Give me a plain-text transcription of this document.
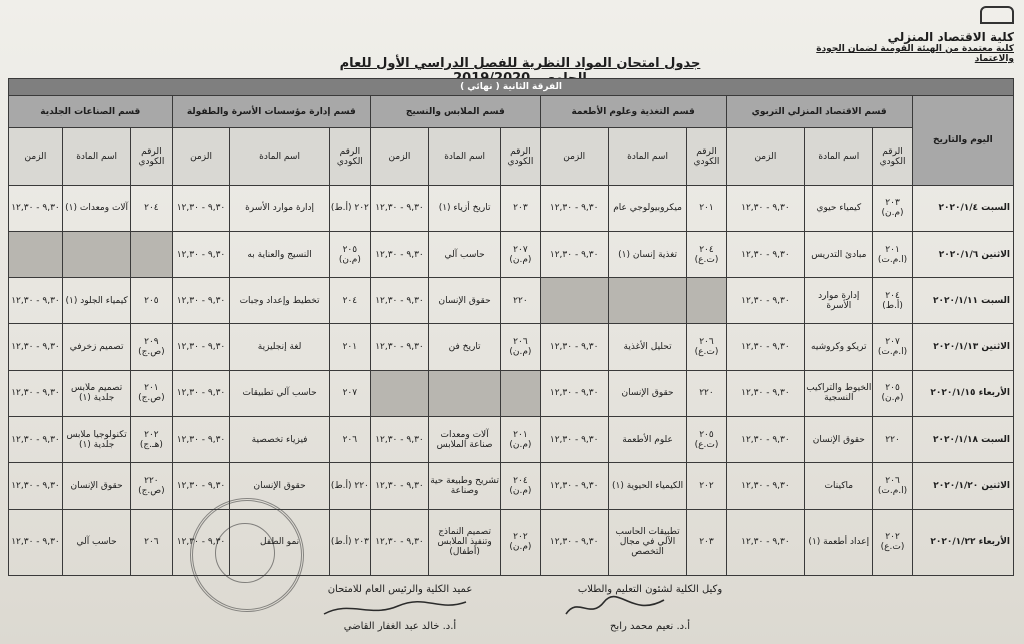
كلية الاقتصاد المنزلي
كلية معتمدة من الهيئة القومية لضمان الجودة والاعتماد
جدول امتحان المواد النظرية للفصل الدراسي الأول للعام
الفرقة الثانية ( نهائي )															
اليوم والتاريخ	قسم الاقتصاد المنزلي التربوي			قسم التغذية وعلوم الأطعمة			قسم الملابس والنسيج			قسم إدارة مؤسسات الأسرة والطفولة			قسم الصناعات الجلدية		
	الرقم الكودي	اسم المادة	الزمن	الرقم الكودي	اسم المادة	الزمن	الرقم الكودي	اسم المادة	الزمن	الرقم الكودي	اسم المادة	الزمن	الرقم الكودي	اسم المادة	الزمن
السبت ٢٠٢٠/١/٤	٢٠٣ (م.ن)	كيمياء حيوي	٩,٣٠ - ١٢,٣٠	٢٠١	ميكروبيولوجي عام	٩,٣٠ - ١٢,٣٠	٢٠٣	تاريخ أزياء (١)	٩,٣٠ - ١٢,٣٠	٢٠٢ (أ.ط)	إدارة موارد الأسرة	٩,٣٠ - ١٢,٣٠	٢٠٤	آلات ومعدات (١)	٩,٣٠ - ١٢,٣٠
الاثنين ٢٠٢٠/١/٦	٢٠١ (ا.م.ت)	مبادئ التدريس	٩,٣٠ - ١٢,٣٠	٢٠٤ (ت.ع)	تغذية إنسان (١)	٩,٣٠ - ١٢,٣٠	٢٠٧ (م.ن)	حاسب آلي	٩,٣٠ - ١٢,٣٠	٢٠٥ (م.ن)	النسيج والعناية به	٩,٣٠ - ١٢,٣٠			
السبت ٢٠٢٠/١/١١	٢٠٤ (أ.ط)	إدارة موارد الأسرة	٩,٣٠ - ١٢,٣٠				٢٢٠	حقوق الإنسان	٩,٣٠ - ١٢,٣٠	٢٠٤	تخطيط وإعداد وجبات	٩,٣٠ - ١٢,٣٠	٢٠٥	كيمياء الجلود (١)	٩,٣٠ - ١٢,٣٠
الاثنين ٢٠٢٠/١/١٣	٢٠٧ (ا.م.ت)	تريكو وكروشيه	٩,٣٠ - ١٢,٣٠	٢٠٦ (ت.ع)	تحليل الأغذية	٩,٣٠ - ١٢,٣٠	٢٠٦ (م.ن)	تاريخ فن	٩,٣٠ - ١٢,٣٠	٢٠١	لغة إنجليزية	٩,٣٠ - ١٢,٣٠	٢٠٩ (ص.ج)	تصميم زخرفي	٩,٣٠ - ١٢,٣٠
الأربعاء ٢٠٢٠/١/١٥	٢٠٥ (م.ن)	الخيوط والتراكيب النسجية	٩,٣٠ - ١٢,٣٠	٢٢٠	حقوق الإنسان	٩,٣٠ - ١٢,٣٠				٢٠٧	حاسب آلي تطبيقات	٩,٣٠ - ١٢,٣٠	٢٠١ (ص.ج)	تصميم ملابس جلدية (١)	٩,٣٠ - ١٢,٣٠
السبت ٢٠٢٠/١/١٨	٢٢٠	حقوق الإنسان	٩,٣٠ - ١٢,٣٠	٢٠٥ (ت.ع)	علوم الأطعمة	٩,٣٠ - ١٢,٣٠	٢٠١ (م.ن)	آلات ومعدات صناعة الملابس	٩,٣٠ - ١٢,٣٠	٢٠٦	فيزياء تخصصية	٩,٣٠ - ١٢,٣٠	٢٠٢ (هـ.ج)	تكنولوجيا ملابس جلدية (١)	٩,٣٠ - ١٢,٣٠
الاثنين ٢٠٢٠/١/٢٠	٢٠٦ (ا.م.ت)	ماكينات	٩,٣٠ - ١٢,٣٠	٢٠٢	الكيمياء الحيوية (١)	٩,٣٠ - ١٢,٣٠	٢٠٤ (م.ن)	تشريح وطبيعة حية وصناعة	٩,٣٠ - ١٢,٣٠	٢٢٠ (أ.ط)	حقوق الإنسان	٩,٣٠ - ١٢,٣٠	٢٢٠ (ص.ج)	حقوق الإنسان	٩,٣٠ - ١٢,٣٠
الأربعاء ٢٠٢٠/١/٢٢	٢٠٢ (ت.ع)	إعداد أطعمة (١)	٩,٣٠ - ١٢,٣٠	٢٠٣	تطبيقات الحاسب الآلي في مجال التخصص	٩,٣٠ - ١٢,٣٠	٢٠٢ (م.ن)	تصميم النماذج وتنفيذ الملابس (أطفال)	٩,٣٠ - ١٢,٣٠	٢٠٣ (أ.ط)	نمو الطفل	٩,٣٠ - ١٢,٣٠	٢٠٦	حاسب آلي	٩,٣٠ - ١٢,٣٠
عميد الكلية والرئيس العام للامتحان
أ.د. خالد عبد الغفار القاضي
وكيل الكلية لشئون التعليم والطلاب
أ.د. نعيم محمد رابح
